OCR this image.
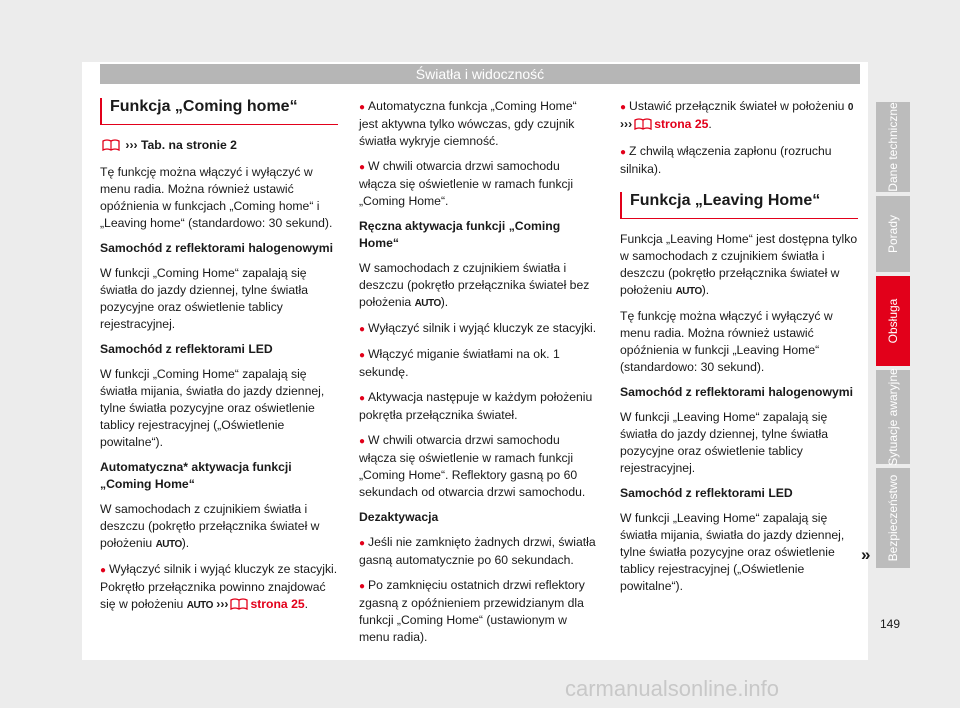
Światła i widoczność
Funkcja „Coming home“

››› Tab. na stronie 2

Tę funkcję można włączyć i wyłączyć w menu radia. Można również ustawić opóźnienia w funkcjach „Coming home“ i „Leaving home“ (standardowo: 30 sekund).

Samochód z reflektorami halogenowymi

W funkcji „Coming Home“ zapalają się światła do jazdy dziennej, tylne światła pozycyjne oraz oświetlenie tablicy rejestracyjnej.

Samochód z reflektorami LED

W funkcji „Coming Home“ zapalają się światła mijania, światła do jazdy dziennej, tylne światła pozycyjne oraz oświetlenie tablicy rejestracyjnej („Oświetlenie powitalne“).

Automatyczna* aktywacja funkcji „Coming Home“

W samochodach z czujnikiem światła i deszczu (pokrętło przełącznika świateł w położeniu AUTO).

● Wyłączyć silnik i wyjąć kluczyk ze stacyjki. Pokrętło przełącznika powinno znajdować się w położeniu AUTO ››› strona 25.

● Automatyczna funkcja „Coming Home“ jest aktywna tylko wówczas, gdy czujnik światła wykryje ciemność.

● W chwili otwarcia drzwi samochodu włącza się oświetlenie w ramach funkcji „Coming Home“.

Ręczna aktywacja funkcji „Coming Home“

W samochodach z czujnikiem światła i deszczu (pokrętło przełącznika świateł bez położenia AUTO).

● Wyłączyć silnik i wyjąć kluczyk ze stacyjki.

● Włączyć miganie światłami na ok. 1 sekundę.

● Aktywacja następuje w każdym położeniu pokrętła przełącznika świateł.

● W chwili otwarcia drzwi samochodu włącza się oświetlenie w ramach funkcji „Coming Home“. Reflektory gasną po 60 sekundach od otwarcia drzwi samochodu.

Dezaktywacja

● Jeśli nie zamknięto żadnych drzwi, światła gasną automatycznie po 60 sekundach.

● Po zamknięciu ostatnich drzwi reflektory zgasną z opóźnieniem przewidzianym dla funkcji „Coming Home“ (ustawionym w menu radia).

● Ustawić przełącznik świateł w położeniu 0
››› strona 25.

● Z chwilą włączenia zapłonu (rozruchu silnika).

Funkcja „Leaving Home“

Funkcja „Leaving Home“ jest dostępna tylko w samochodach z czujnikiem światła i deszczu (pokrętło przełącznika świateł w położeniu AUTO).

Tę funkcję można włączyć i wyłączyć w menu radia. Można również ustawić opóźnienia w funkcji „Leaving Home“ (standardowo: 30 sekund).

Samochód z reflektorami halogenowymi

W funkcji „Leaving Home“ zapalają się światła do jazdy dziennej, tylne światła pozycyjne oraz oświetlenie tablicy rejestracyjnej.

Samochód z reflektorami LED

W funkcji „Leaving Home“ zapalają się światła mijania, światła do jazdy dziennej, tylne światła pozycyjne oraz oświetlenie tablicy rejestracyjnej („Oświetlenie powitalne“).

»
Dane techniczne
Porady
Obsługa
Sytuacje awaryjne
Bezpieczeństwo
149
carmanualsonline.info
